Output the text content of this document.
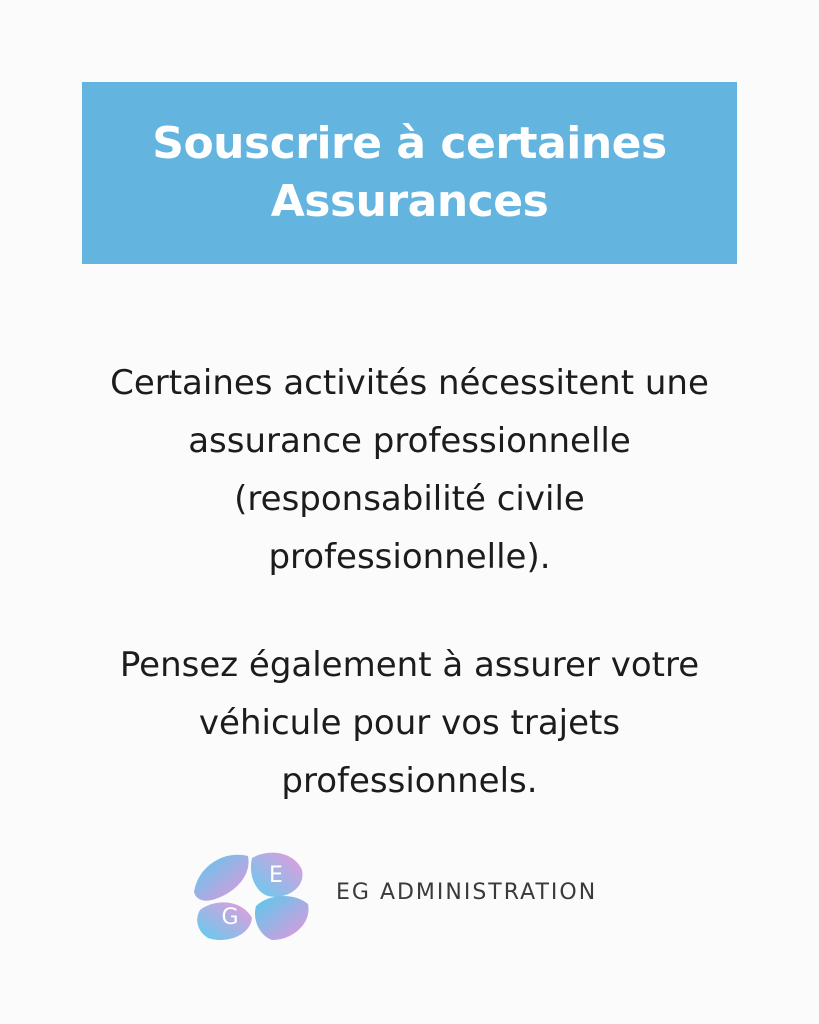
Souscrire à certaines
Assurances
Certaines activités nécessitent une
assurance professionnelle
(responsabilité civile
professionnelle).
Pensez également à assurer votre
véhicule pour vos trajets
professionnels.
E
G
EG ADMINISTRATION
